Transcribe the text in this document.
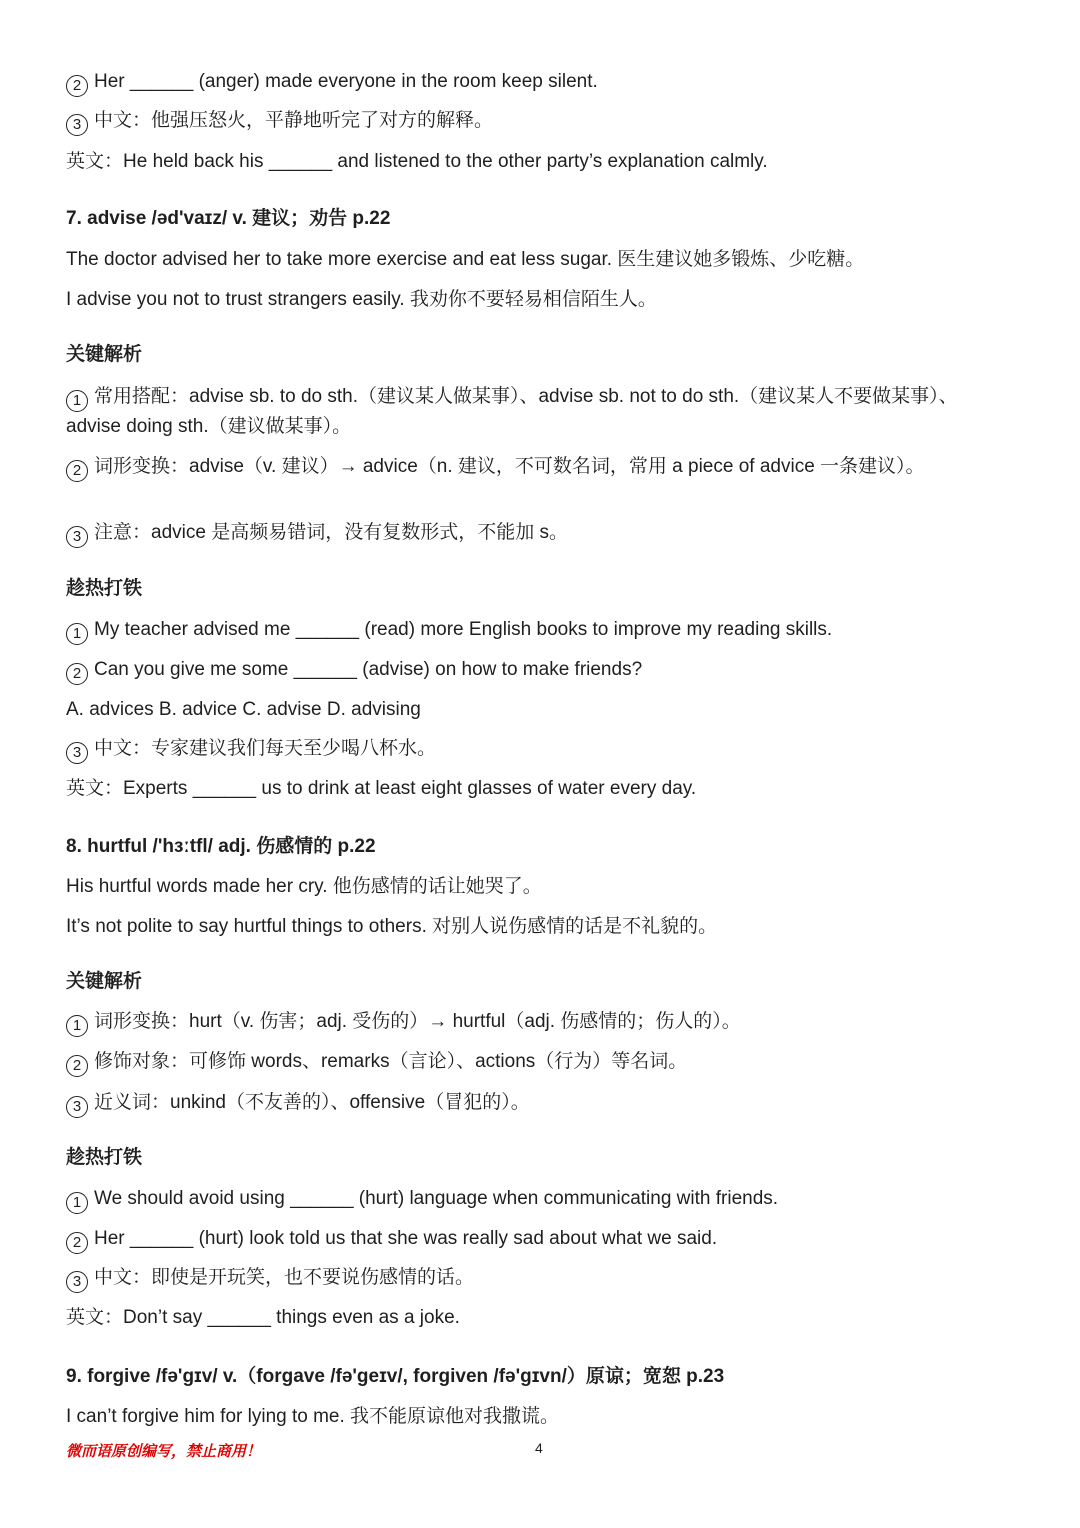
2 Her ______ (anger) made everyone in the room keep silent.
3 中文：他强压怒火，平静地听完了对方的解释。
英文：He held back his ______ and listened to the other party’s explanation calmly.
7. advise /əd'vaɪz/ v. 建议；劝告 p.22
The doctor advised her to take more exercise and eat less sugar. 医生建议她多锻炼、少吃糖。
I advise you not to trust strangers easily. 我劝你不要轻易相信陌生人。
关键解析
1 常用搭配：advise sb. to do sth.（建议某人做某事）、advise sb. not to do sth.（建议某人不要做某事）、advise doing sth.（建议做某事）。
2 词形变换：advise（v. 建议）→ advice（n. 建议，不可数名词，常用 a piece of advice 一条建议）。
3 注意：advice 是高频易错词，没有复数形式，不能加 s。
趁热打铁
1 My teacher advised me ______ (read) more English books to improve my reading skills.
2 Can you give me some ______ (advise) on how to make friends?
A. advices B. advice C. advise D. advising
3 中文：专家建议我们每天至少喝八杯水。
英文：Experts ______ us to drink at least eight glasses of water every day.
8. hurtful /'hɜːtfl/ adj. 伤感情的 p.22
His hurtful words made her cry. 他伤感情的话让她哭了。
It’s not polite to say hurtful things to others. 对别人说伤感情的话是不礼貌的。
关键解析
1 词形变换：hurt（v. 伤害；adj. 受伤的）→ hurtful（adj. 伤感情的；伤人的）。
2 修饰对象：可修饰 words、remarks（言论）、actions（行为）等名词。
3 近义词：unkind（不友善的）、offensive（冒犯的）。
趁热打铁
1 We should avoid using ______ (hurt) language when communicating with friends.
2 Her ______ (hurt) look told us that she was really sad about what we said.
3 中文：即使是开玩笑，也不要说伤感情的话。
英文：Don’t say ______ things even as a joke.
9. forgive /fə'gɪv/ v.（forgave /fə'geɪv/, forgiven /fə'gɪvn/）原谅；宽恕 p.23
I can’t forgive him for lying to me. 我不能原谅他对我撒谎。
微而语原创编写，禁止商用！	4
